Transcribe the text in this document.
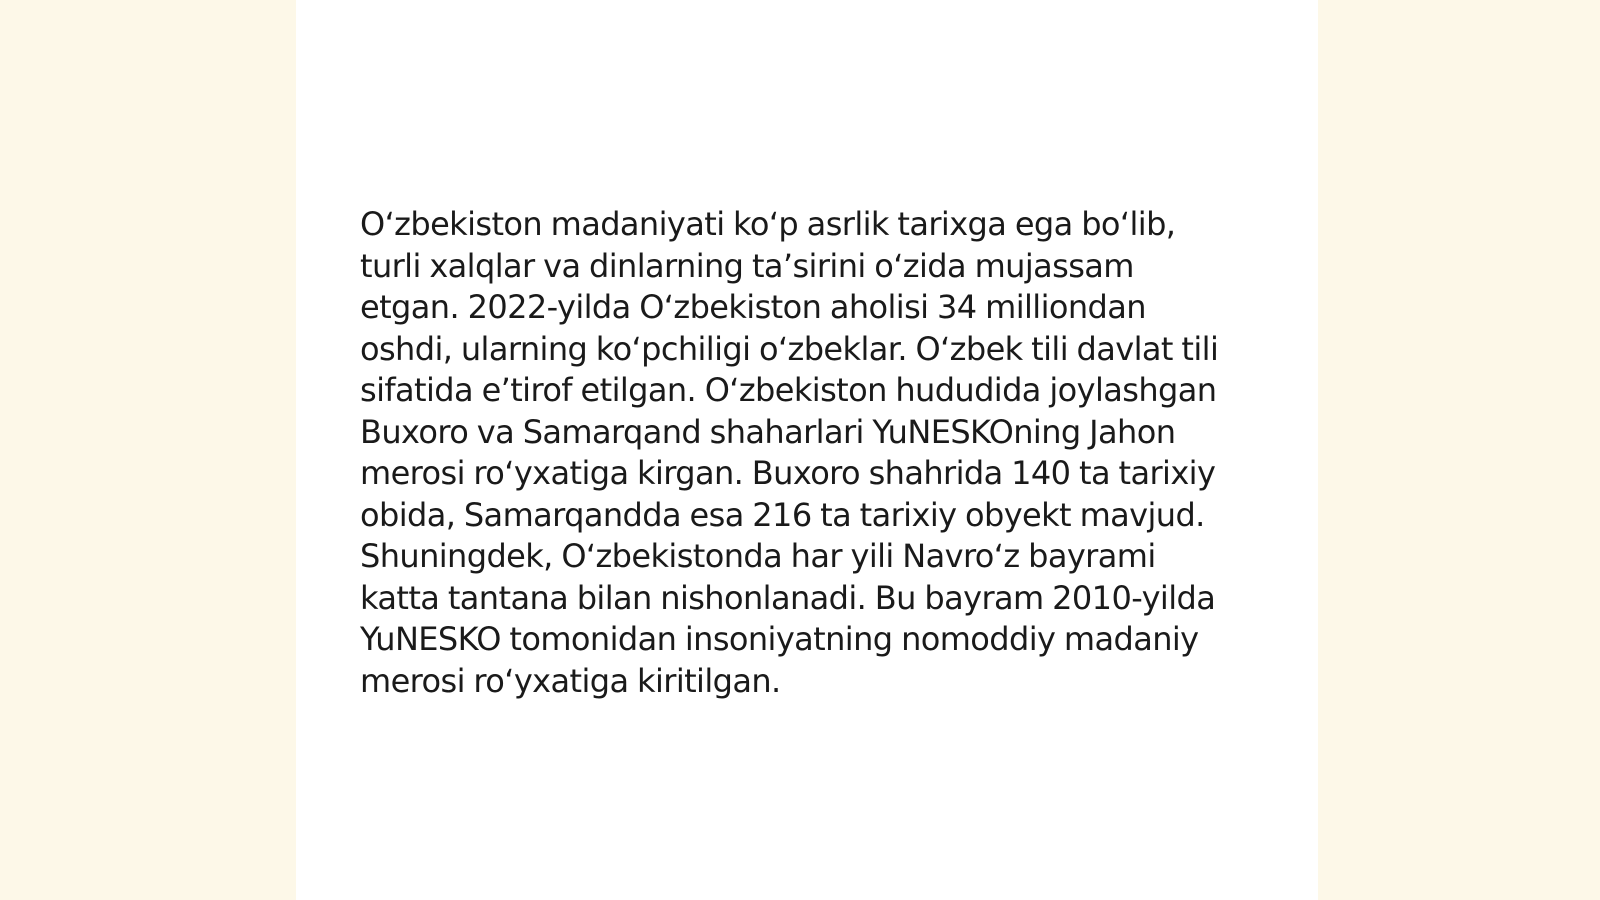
O‘zbekiston madaniyati ko‘p asrlik tarixga ega bo‘lib, turli xalqlar va dinlarning ta’sirini o‘zida mujassam etgan. 2022-yilda O‘zbekiston aholisi 34 milliondan oshdi, ularning ko‘pchiligi o‘zbeklar. O‘zbek tili davlat tili sifatida e’tirof etilgan. O‘zbekiston hududida joylashgan Buxoro va Samarqand shaharlari YuNESKOning Jahon merosi ro‘yxatiga kirgan. Buxoro shahrida 140 ta tarixiy obida, Samarqandda esa 216 ta tarixiy obyekt mavjud. Shuningdek, O‘zbekistonda har yili Navro‘z bayrami katta tantana bilan nishonlanadi. Bu bayram 2010-yilda YuNESKO tomonidan insoniyatning nomoddiy madaniy merosi ro‘yxatiga kiritilgan.
